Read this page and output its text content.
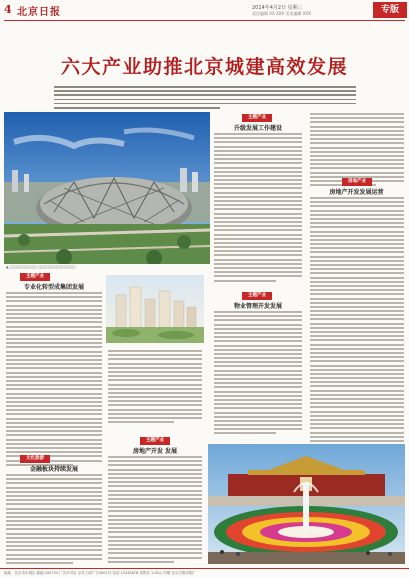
4 北京日报	2014年4月2日 星期三
责任编辑 XX XXX 美术编辑 XXX	专版
六大产业助推北京城建高效发展
▲ ░░░░░░░░░░ ░░░░░░░░░░░░░░
主题产业
专业化转型成集团发展
文化旅游
金融板块持续发展
主题产业
房地产开发 发展
主题产业
升级发展工作建设
主题产业
物业管理开发发展
房地产业
房地产开发发展运营
地址：北京市东城区 邮编 100734 广告许可证 京东工商广字0001号 电话 12345678 零售价 1.00元 印刷 北京日报印刷厂
